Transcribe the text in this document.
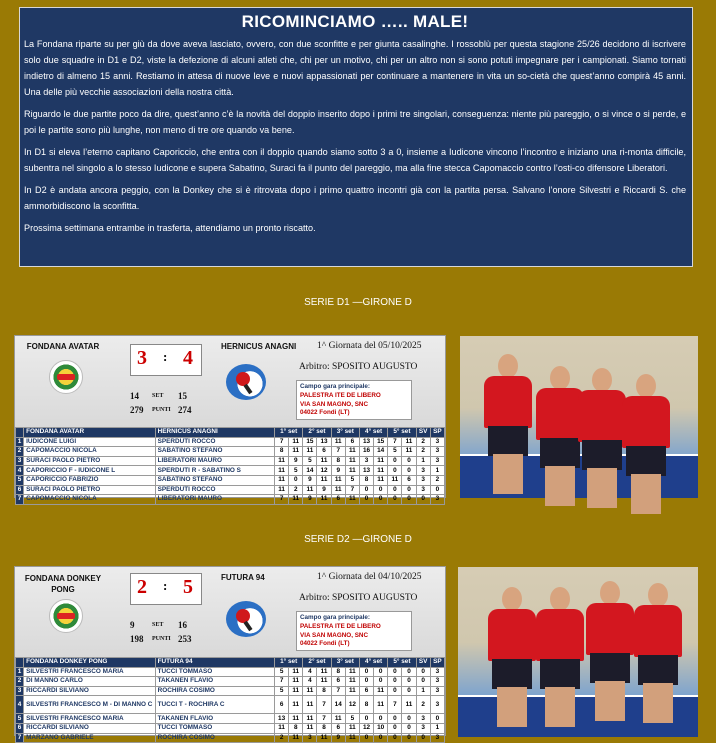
RICOMINCIAMO ….. MALE!

La Fondana riparte su per giù da dove aveva lasciato, ovvero, con due sconfitte e per giunta casalinghe. I rossoblù per questa stagione 25/26 decidono di iscrivere solo due squadre in D1 e D2, viste la defezione di alcuni atleti che, chi per un motivo, chi per un altro non si sono potuti impegnare per i campionati. Siamo tornati indietro di almeno 15 anni. Restiamo in attesa di nuove leve e nuovi appassionati per continuare a mantenere in vita un so-cietà che quest’anno compirà 45 anni. Una delle più vecchie associazioni della nostra città.

Riguardo le due partite poco da dire, quest’anno c’è la novità del doppio inserito dopo i primi tre singolari, conseguenza: niente più pareggio, o si vince o si perde, e poi le partite sono più lunghe, non meno di tre ore quando va bene.

In D1 si eleva l’eterno capitano Caporiccio, che entra con il doppio quando siamo sotto 3 a 0, insieme a Iudicone vincono l’incontro e iniziano una ri-monta difficile, subentra nel singolo a lo stesso Iudicone e supera Sabatino, Suraci fa il punto del pareggio, ma alla fine stecca Capomaccio contro l’osti-co difensore Liberatori.

In D2 è andata ancora peggio, con la Donkey che si è ritrovata dopo i primo quattro incontri già con la partita persa. Salvano l’onore Silvestri e Riccardi S. che ammorbidiscono la sconfitta.

Prossima settimana entrambe in trasferta, attendiamo un pronto riscatto.

SERIE D1 —GIRONE D
FONDANA AVATAR
3 : 4
14 SET 15
279 PUNTI 274
HERNICUS ANAGNI 1^ Giornata del 05/10/2025
Arbitro: SPOSITO AUGUSTO
Campo gara principale:
PALESTRA ITE DE LIBERO
VIA SAN MAGNO, SNC
04022 Fondi (LT)
	FONDANA AVATAR	HERNICUS ANAGNI	1° set		2° set		3° set		4° set		5° set		SV	SP
1	IUDICONE LUIGI	SPERDUTI ROCCO	7	11	15	13	11	6	13	15	7	11	2	3
2	CAPOMACCIO NICOLA	SABATINO STEFANO	8	11	11	6	7	11	16	14	5	11	2	3
3	SURACI PAOLO PIETRO	LIBERATORI MAURO	11	9	5	11	8	11	3	11	0	0	1	3
4	CAPORICCIO F - IUDICONE L	SPERDUTI R - SABATINO S	11	5	14	12	9	11	13	11	0	0	3	1
5	CAPORICCIO FABRIZIO	SABATINO STEFANO	11	0	9	11	11	5	8	11	11	6	3	2
6	SURACI PAOLO PIETRO	SPERDUTI ROCCO	11	2	11	9	11	7	0	0	0	0	3	0
7	CAPOMACCIO NICOLA	LIBERATORI MAURO	7	11	9	11	6	11	0	0	0	0	0	3
SERIE D2 —GIRONE D
FONDANA DONKEY PONG	2 : 5
9	SET 16
198 PUNTI 253
FUTURA 94	1^ Giornata del 04/10/2025
Arbitro: SPOSITO AUGUSTO
Campo gara principale:
PALESTRA ITE DE LIBERO
VIA SAN MAGNO, SNC
04022 Fondi (LT)
	FONDANA DONKEY PONG	FUTURA 94	1° set		2° set		3° set		4° set		5° set		SV	SP
1	SILVESTRI FRANCESCO MARIA	TUCCI TOMMASO	5	11	4	11	8	11	0	0	0	0	0	3
2	DI MANNO CARLO	TAKANEN FLAVIO	7	11	4	11	6	11	0	0	0	0	0	3
3	RICCARDI SILVIANO	ROCHIRA COSIMO	5	11	11	8	7	11	6	11	0	0	1	3
4	SILVESTRI FRANCESCO M - DI MANNO C	TUCCI T - ROCHIRA C	6	11	11	7	14	12	8	11	7	11	2	3
5	SILVESTRI FRANCESCO MARIA	TAKANEN FLAVIO	13	11	11	7	11	5	0	0	0	0	3	0
6	RICCARDI SILVIANO	TUCCI TOMMASO	11	8	11	8	6	11	12	10	0	0	3	1
7	MARZANO GABRIELE	ROCHIRA COSIMO	2	11	3	11	9	11	0	0	0	0	0	3
